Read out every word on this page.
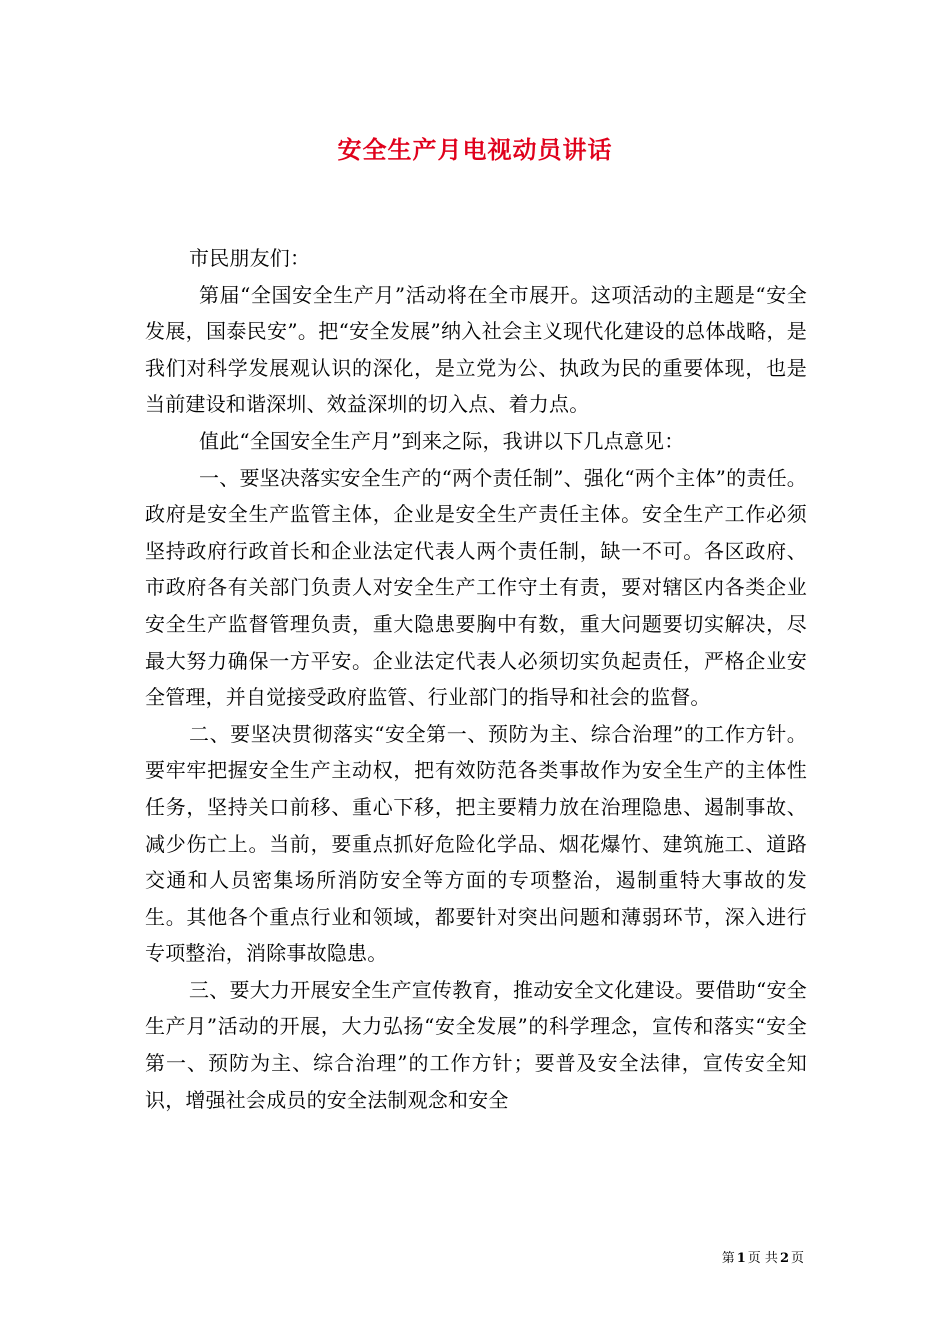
安全生产月电视动员讲话

市民朋友们：

第届“全国安全生产月”活动将在全市展开。这项活动的主题是“安全发展，国泰民安”。把“安全发展”纳入社会主义现代化建设的总体战略，是我们对科学发展观认识的深化，是立党为公、执政为民的重要体现，也是当前建设和谐深圳、效益深圳的切入点、着力点。

值此“全国安全生产月”到来之际，我讲以下几点意见：

一、要坚决落实安全生产的“两个责任制”、强化“两个主体”的责任。政府是安全生产监管主体，企业是安全生产责任主体。安全生产工作必须坚持政府行政首长和企业法定代表人两个责任制，缺一不可。各区政府、市政府各有关部门负责人对安全生产工作守土有责，要对辖区内各类企业安全生产监督管理负责，重大隐患要胸中有数，重大问题要切实解决，尽最大努力确保一方平安。企业法定代表人必须切实负起责任，严格企业安全管理，并自觉接受政府监管、行业部门的指导和社会的监督。

二、要坚决贯彻落实“安全第一、预防为主、综合治理”的工作方针。要牢牢把握安全生产主动权，把有效防范各类事故作为安全生产的主体性任务，坚持关口前移、重心下移，把主要精力放在治理隐患、遏制事故、减少伤亡上。当前，要重点抓好危险化学品、烟花爆竹、建筑施工、道路交通和人员密集场所消防安全等方面的专项整治，遏制重特大事故的发生。其他各个重点行业和领域，都要针对突出问题和薄弱环节，深入进行专项整治，消除事故隐患。

三、要大力开展安全生产宣传教育，推动安全文化建设。要借助“安全生产月”活动的开展，大力弘扬“安全发展”的科学理念，宣传和落实“安全第一、预防为主、综合治理”的工作方针；要普及安全法律，宣传安全知识，增强社会成员的安全法制观念和安全

第 1 页 共 2 页
